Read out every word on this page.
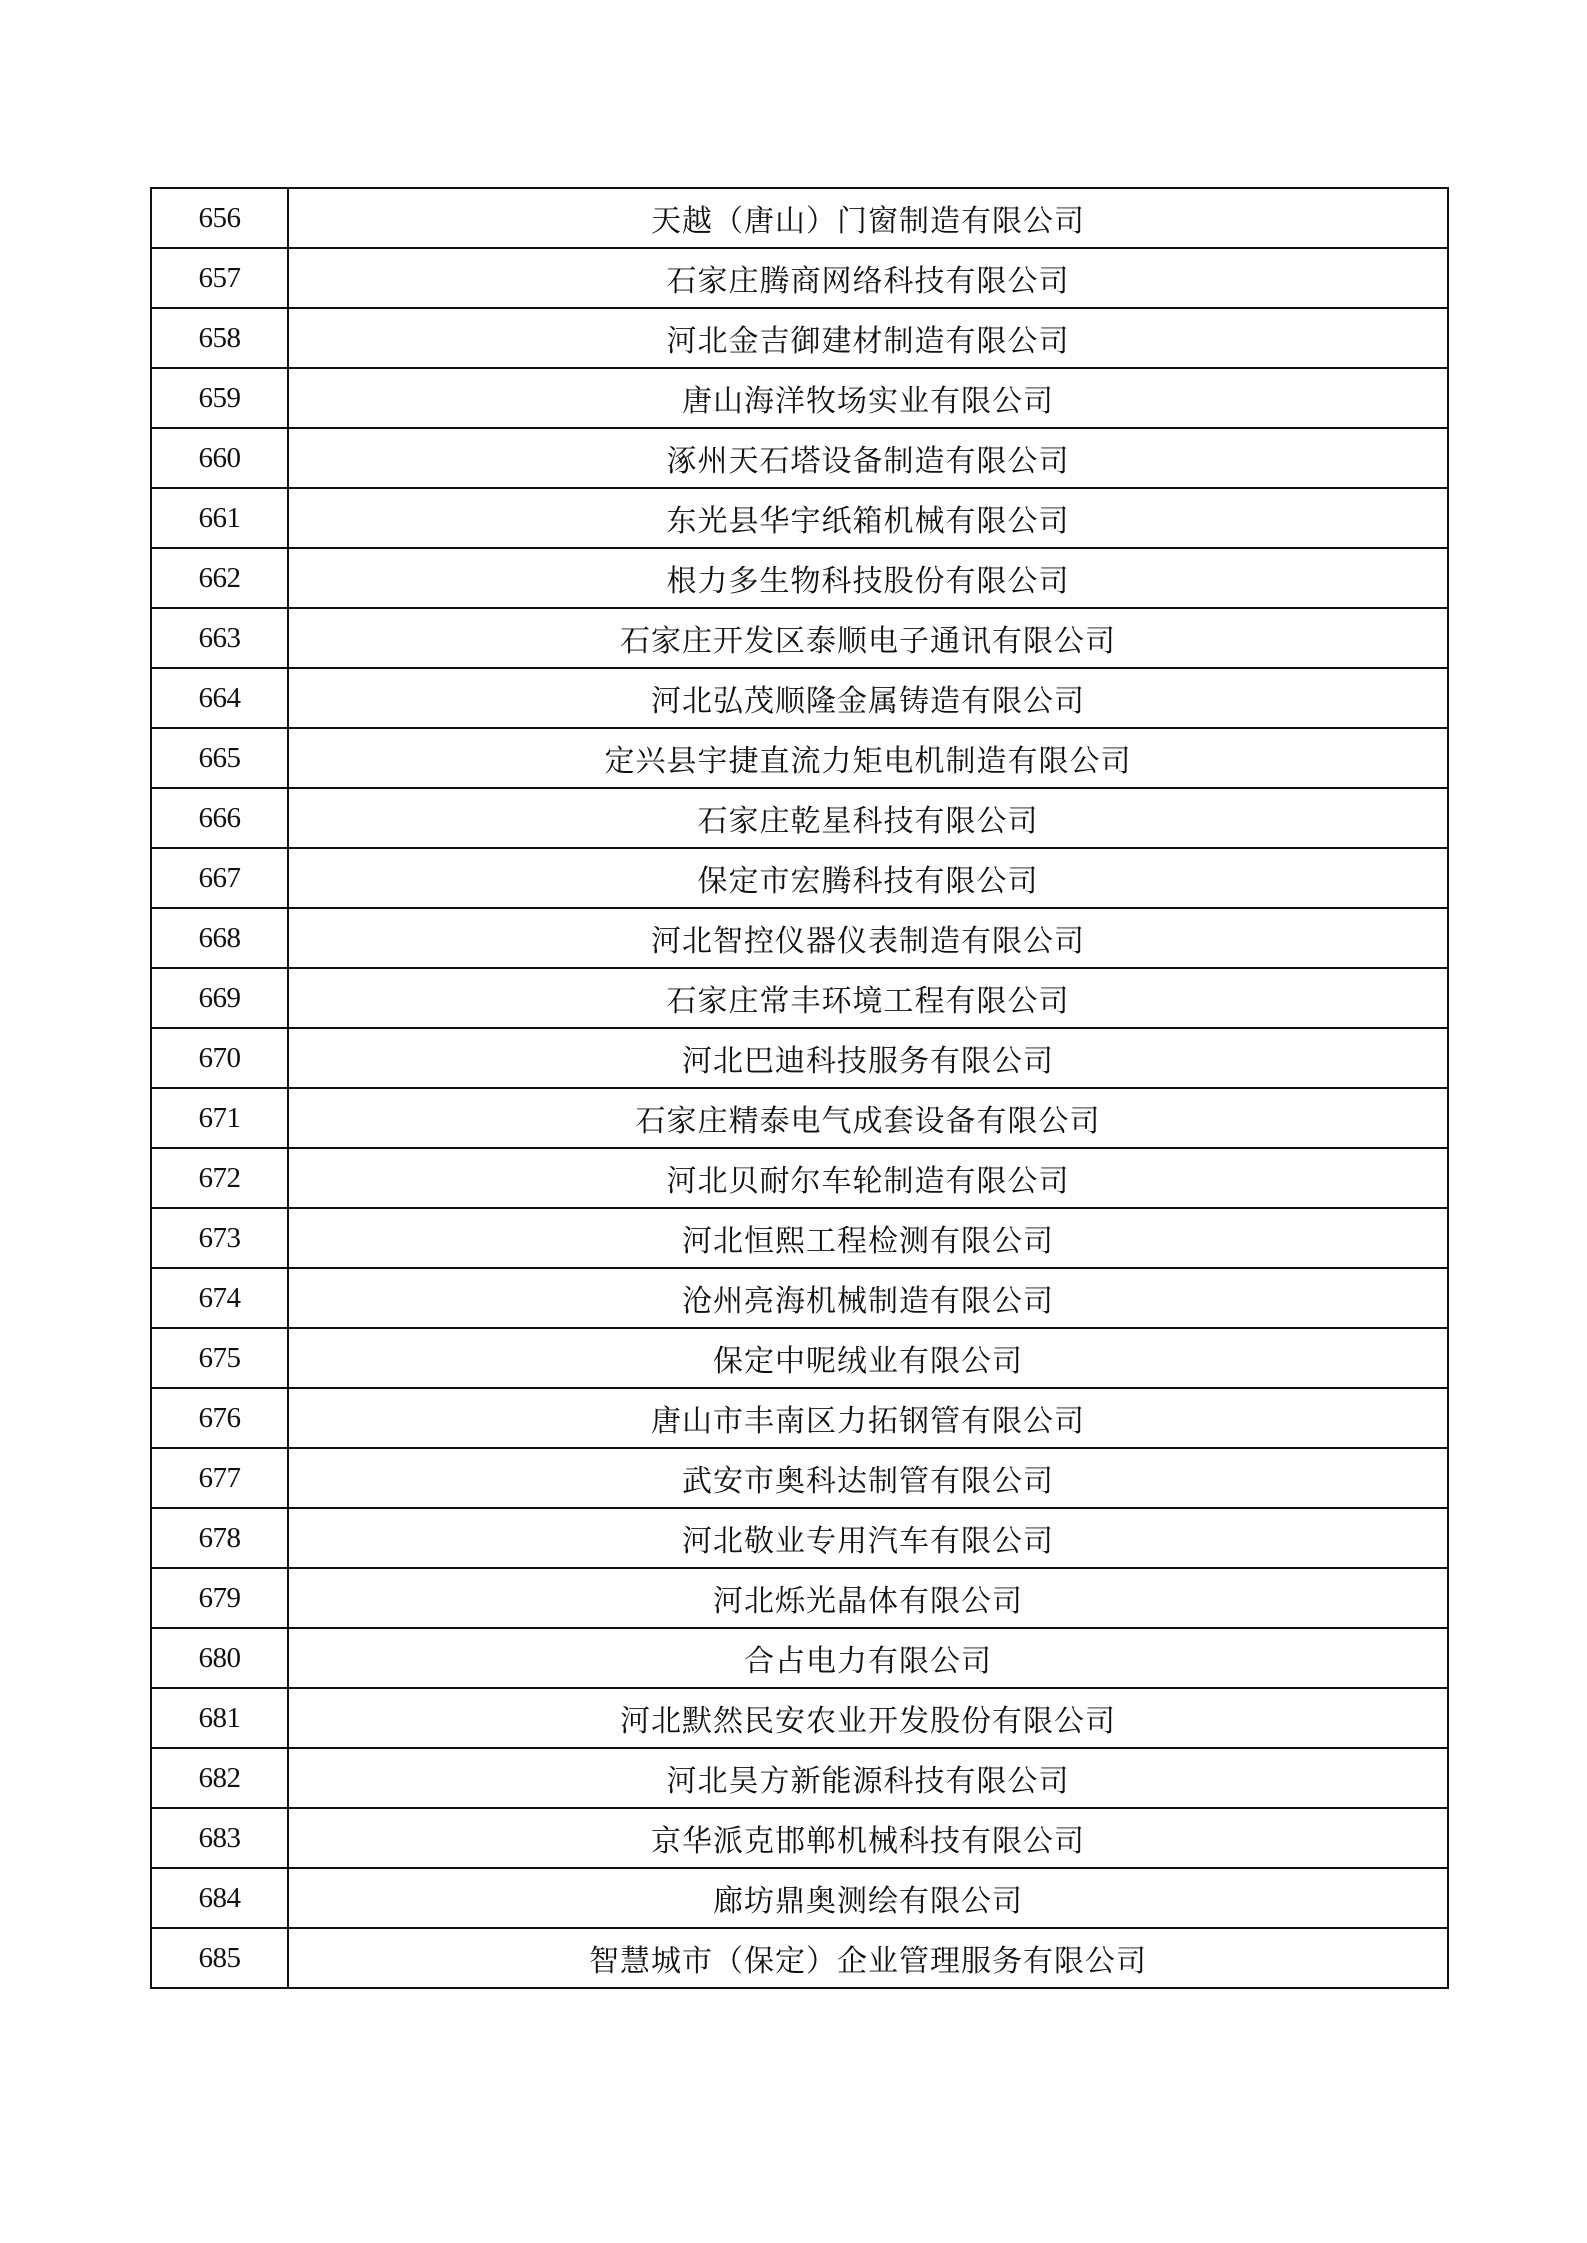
656	天越（唐山）门窗制造有限公司
657	石家庄腾商网络科技有限公司
658	河北金吉御建材制造有限公司
659	唐山海洋牧场实业有限公司
660	涿州天石塔设备制造有限公司
661	东光县华宇纸箱机械有限公司
662	根力多生物科技股份有限公司
663	石家庄开发区泰顺电子通讯有限公司
664	河北弘茂顺隆金属铸造有限公司
665	定兴县宇捷直流力矩电机制造有限公司
666	石家庄乾星科技有限公司
667	保定市宏腾科技有限公司
668	河北智控仪器仪表制造有限公司
669	石家庄常丰环境工程有限公司
670	河北巴迪科技服务有限公司
671	石家庄精泰电气成套设备有限公司
672	河北贝耐尔车轮制造有限公司
673	河北恒熙工程检测有限公司
674	沧州亮海机械制造有限公司
675	保定中呢绒业有限公司
676	唐山市丰南区力拓钢管有限公司
677	武安市奥科达制管有限公司
678	河北敬业专用汽车有限公司
679	河北烁光晶体有限公司
680	合占电力有限公司
681	河北默然民安农业开发股份有限公司
682	河北昊方新能源科技有限公司
683	京华派克邯郸机械科技有限公司
684	廊坊鼎奥测绘有限公司
685	智慧城市（保定）企业管理服务有限公司
